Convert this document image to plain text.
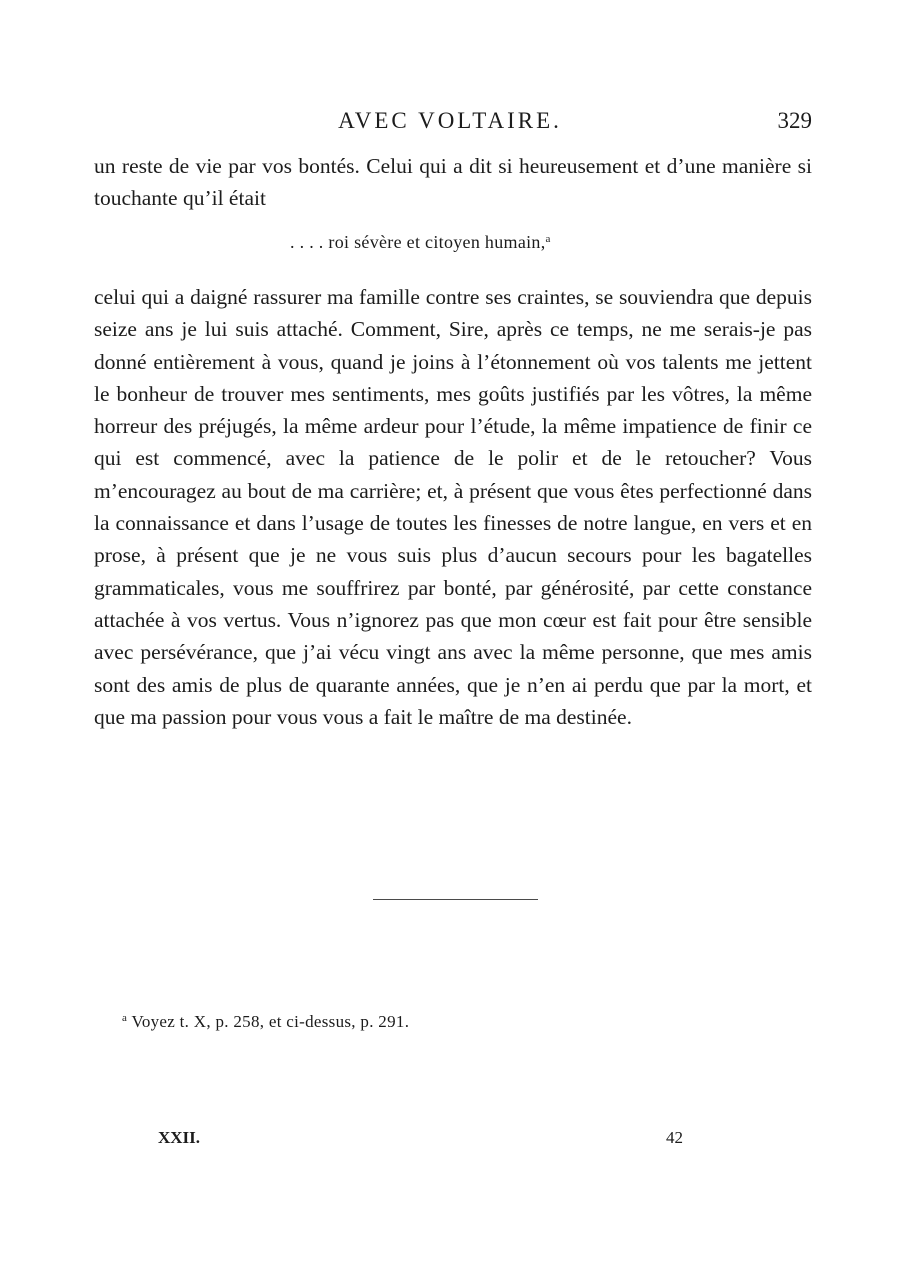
AVEC VOLTAIRE.	329

un reste de vie par vos bontés. Celui qui a dit si heureusement et d’une manière si touchante qu’il était

. . . . roi sévère et citoyen humain,$^a$

celui qui a daigné rassurer ma famille contre ses craintes, se souviendra que depuis seize ans je lui suis attaché. Comment, Sire, après ce temps, ne me serais-je pas donné entièrement à vous, quand je joins à l’étonnement où vos talents me jettent le bonheur de trouver mes sentiments, mes goûts justifiés par les vôtres, la même horreur des préjugés, la même ardeur pour l’étude, la même impatience de finir ce qui est commencé, avec la patience de le polir et de le retoucher? Vous m’encouragez au bout de ma carrière; et, à présent que vous êtes perfectionné dans la connaissance et dans l’usage de toutes les finesses de notre langue, en vers et en prose, à présent que je ne vous suis plus d’aucun secours pour les bagatelles grammaticales, vous me souffrirez par bonté, par générosité, par cette constance attachée à vos vertus. Vous n’ignorez pas que mon cœur est fait pour être sensible avec persévérance, que j’ai vécu vingt ans avec la même personne, que mes amis sont des amis de plus de quarante années, que je n’en ai perdu que par la mort, et que ma passion pour vous vous a fait le maître de ma destinée.

$^a$ Voyez t. X, p. 258, et ci-dessus, p. 291.
XXII.	42
